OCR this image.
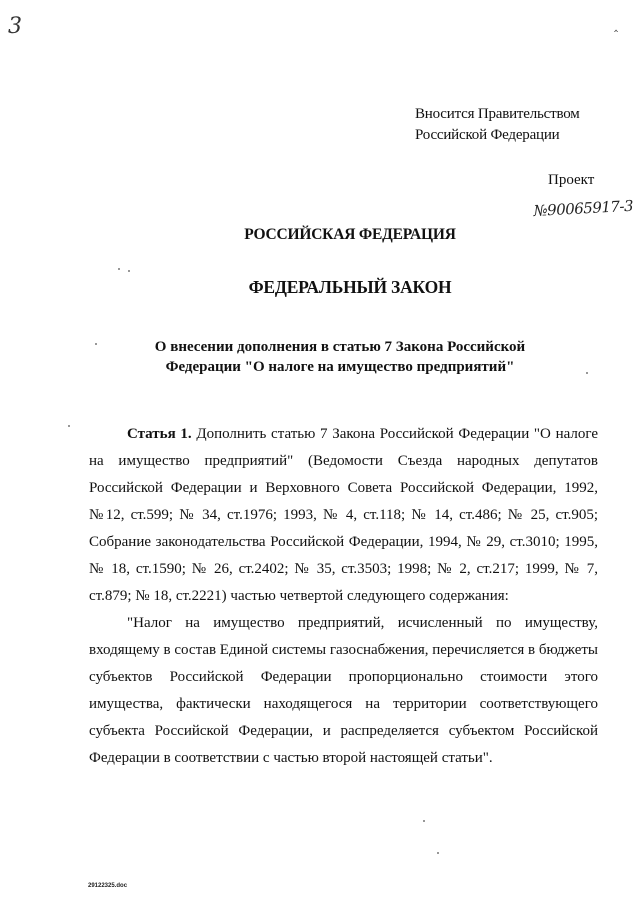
3	‸
Вносится Правительством
Российской Федерации
Проект
№90065917-3
РОССИЙСКАЯ ФЕДЕРАЦИЯ
ФЕДЕРАЛЬНЫЙ ЗАКОН
О внесении дополнения в статью 7 Закона Российской
Федерации "О налоге на имущество предприятий"

Статья 1. Дополнить статью 7 Закона Российской Федерации "О налоге на имущество предприятий" (Ведомости Съезда народных депутатов Российской Федерации и Верховного Совета Российской Федерации, 1992, №12, ст.599; № 34, ст.1976; 1993, № 4, ст.118; № 14, ст.486; № 25, ст.905; Собрание законодательства Российской Федерации, 1994, № 29, ст.3010; 1995, № 18, ст.1590; № 26, ст.2402; № 35, ст.3503; 1998; № 2, ст.217; 1999, № 7, ст.879; № 18, ст.2221) частью четвертой следующего содержания:

"Налог на имущество предприятий, исчисленный по имуществу, входящему в состав Единой системы газоснабжения, перечисляется в бюджеты субъектов Российской Федерации пропорционально стоимости этого имущества, фактически находящегося на территории соответствующего субъекта Российской Федерации, и распределяется субъектом Российской Федерации в соответствии с частью второй настоящей статьи".

29122325.doc
